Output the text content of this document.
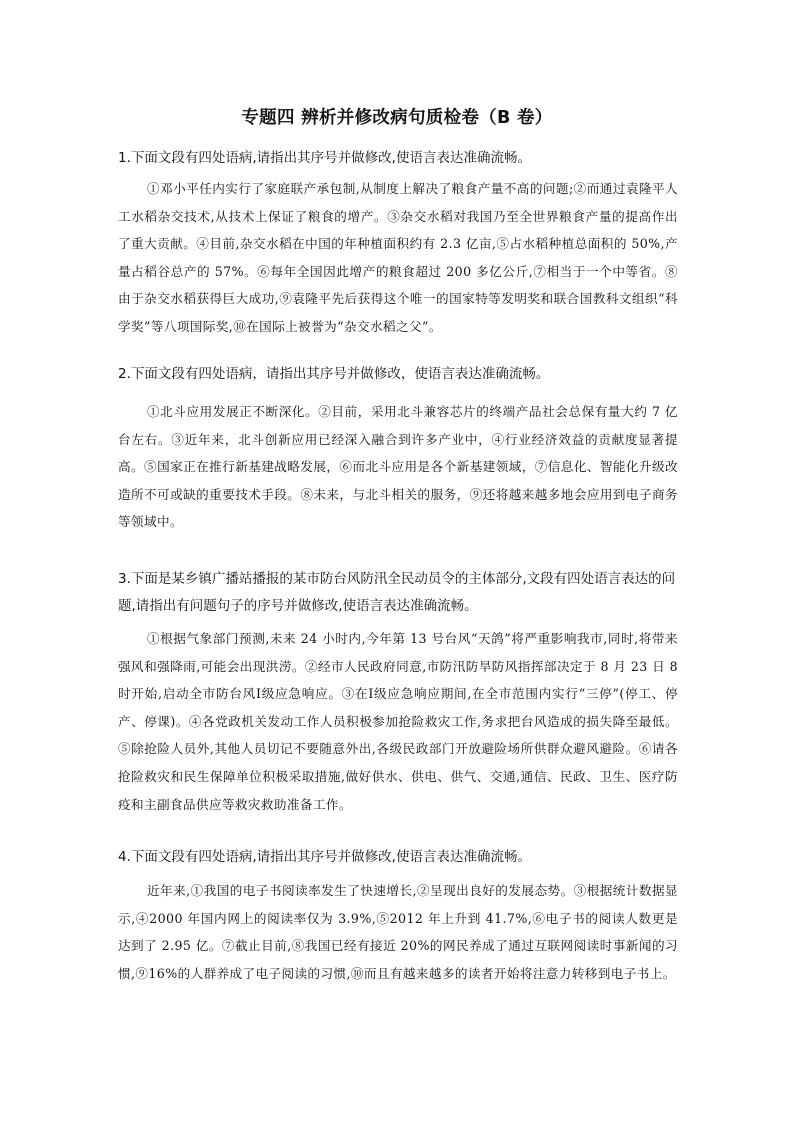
专题四 辨析并修改病句质检卷（B 卷）
1.下面文段有四处语病,请指出其序号并做修改,使语言表达准确流畅。
①邓小平任内实行了家庭联产承包制,从制度上解决了粮食产量不高的问题;②而通过袁隆平人工水稻杂交技术,从技术上保证了粮食的增产。③杂交水稻对我国乃至全世界粮食产量的提高作出了重大贡献。④目前,杂交水稻在中国的年种植面积约有 2.3 亿亩,⑤占水稻种植总面积的 50%,产量占稻谷总产的 57%。⑥每年全国因此增产的粮食超过 200 多亿公斤,⑦相当于一个中等省。⑧由于杂交水稻获得巨大成功,⑨袁隆平先后获得这个唯一的国家特等发明奖和联合国教科文组织“科学奖”等八项国际奖,⑩在国际上被誉为“杂交水稻之父”。
2.下面文段有四处语病，请指出其序号并做修改，使语言表达准确流畅。
①北斗应用发展正不断深化。②目前，采用北斗兼容芯片的终端产品社会总保有量大约 7 亿台左右。③近年来，北斗创新应用已经深入融合到许多产业中，④行业经济效益的贡献度显著提高。⑤国家正在推行新基建战略发展，⑥而北斗应用是各个新基建领域，⑦信息化、智能化升级改造所不可或缺的重要技术手段。⑧未来，与北斗相关的服务，⑨还将越来越多地会应用到电子商务等领域中。
3.下面是某乡镇广播站播报的某市防台风防汛全民动员令的主体部分,文段有四处语言表达的问题,请指出有问题句子的序号并做修改,使语言表达准确流畅。
①根据气象部门预测,未来 24 小时内,今年第 13 号台风“天鸽”将严重影响我市,同时,将带来强风和强降雨,可能会出现洪涝。②经市人民政府同意,市防汛防旱防风指挥部决定于 8 月 23 日 8 时开始,启动全市防台风Ⅰ级应急响应。③在Ⅰ级应急响应期间,在全市范围内实行“三停”(停工、停产、停课)。④各党政机关发动工作人员积极参加抢险救灾工作,务求把台风造成的损失降至最低。⑤除抢险人员外,其他人员切记不要随意外出,各级民政部门开放避险场所供群众避风避险。⑥请各抢险救灾和民生保障单位积极采取措施,做好供水、供电、供气、交通,通信、民政、卫生、医疗防疫和主副食品供应等救灾救助准备工作。
4.下面文段有四处语病,请指出其序号并做修改,使语言表达准确流畅。
近年来,①我国的电子书阅读率发生了快速增长,②呈现出良好的发展态势。③根据统计数据显示,④2000 年国内网上的阅读率仅为 3.9%,⑤2012 年上升到 41.7%,⑥电子书的阅读人数更是达到了 2.95 亿。⑦截止目前,⑧我国已经有接近 20%的网民养成了通过互联网阅读时事新闻的习惯,⑨16%的人群养成了电子阅读的习惯,⑩而且有越来越多的读者开始将注意力转移到电子书上。
